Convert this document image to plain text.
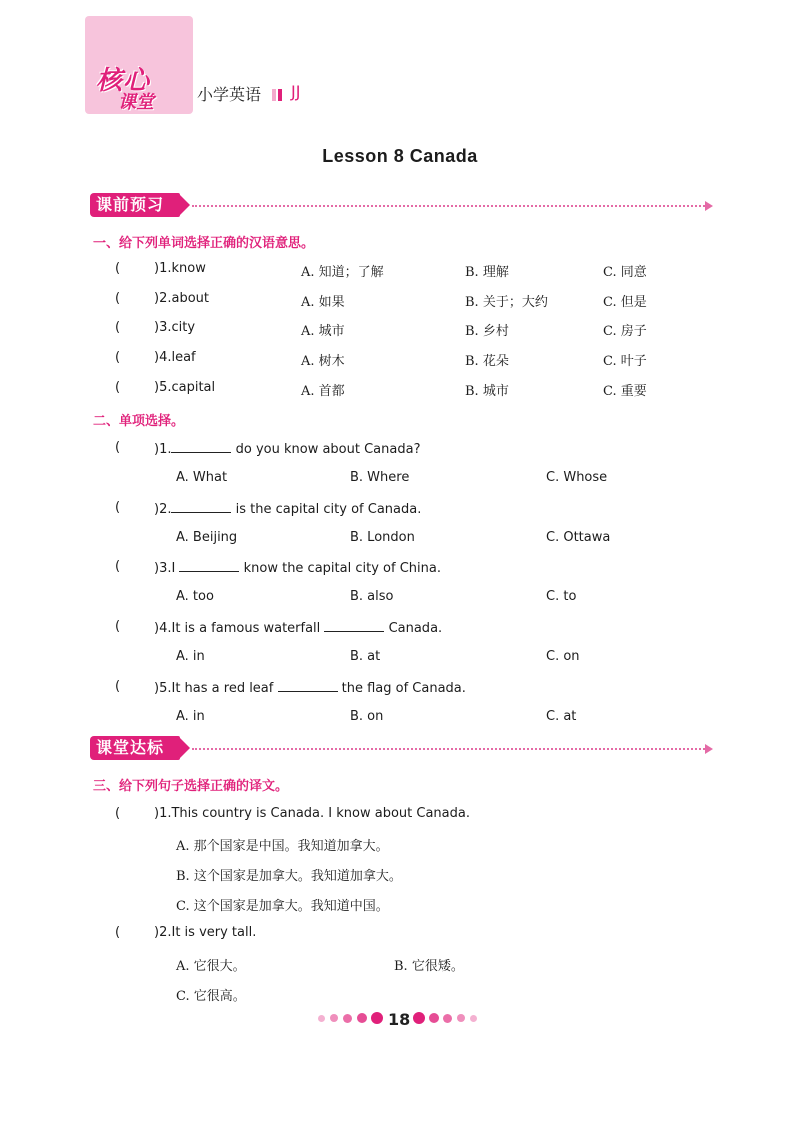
核心
课堂	小学英语 JJ
Lesson 8 Canada
课前预习
一、给下列单词选择正确的汉语意思。
(	)1.know	A. 知道；了解	B. 理解	C. 同意
(	)2.about	A. 如果	B. 关于；大约	C. 但是
(	)3.city	A. 城市	B. 乡村	C. 房子
(	)4.leaf	A. 树木	B. 花朵	C. 叶子
(	)5.capital	A. 首都	B. 城市	C. 重要
二、单项选择。
(	)1.	do you know about Canada?
A. What	B. Where	C. Whose
(	)2.	is the capital city of Canada.
A. Beijing	B. London	C. Ottawa
(	)3.I	know the capital city of China.
A. too	B. also	C. to
(	)4.It is a famous waterfall	Canada.
A. in	B. at	C. on
(	)5.It has a red leaf	the flag of Canada.
A. in	B. on	C. at
课堂达标
三、给下列句子选择正确的译文。
(	)1.This country is Canada. I know about Canada.
A. 那个国家是中国。我知道加拿大。
B. 这个国家是加拿大。我知道加拿大。
C. 这个国家是加拿大。我知道中国。
(	)2.It is very tall.
A. 它很大。	B. 它很矮。
C. 它很高。
18
